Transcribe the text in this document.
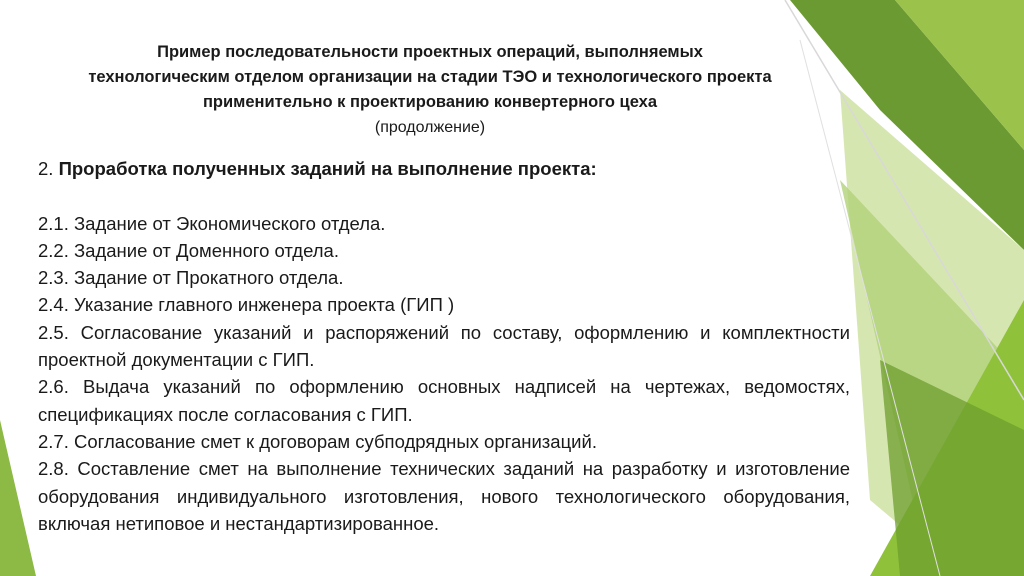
Пример последовательности проектных операций, выполняемых
технологическим отделом организации на стадии ТЭО и технологического проекта
применительно к проектированию конвертерного цеха
(продолжение)
2. Проработка полученных заданий на выполнение проекта:
2.1. Задание от Экономического отдела.
2.2. Задание от Доменного отдела.
2.3. Задание от Прокатного отдела.
2.4. Указание главного инженера проекта (ГИП )
2.5. Согласование указаний и распоряжений по составу, оформлению и комплектности проектной документации с ГИП.
2.6. Выдача указаний по оформлению основных надписей на чертежах, ведомостях, спецификациях после согласования с ГИП.
2.7. Согласование смет к договорам субподрядных организаций.
2.8. Составление смет на выполнение технических заданий на разработку и изготовление оборудования индивидуального изготовления, нового технологического оборудования, включая нетиповое и нестандартизированное.
